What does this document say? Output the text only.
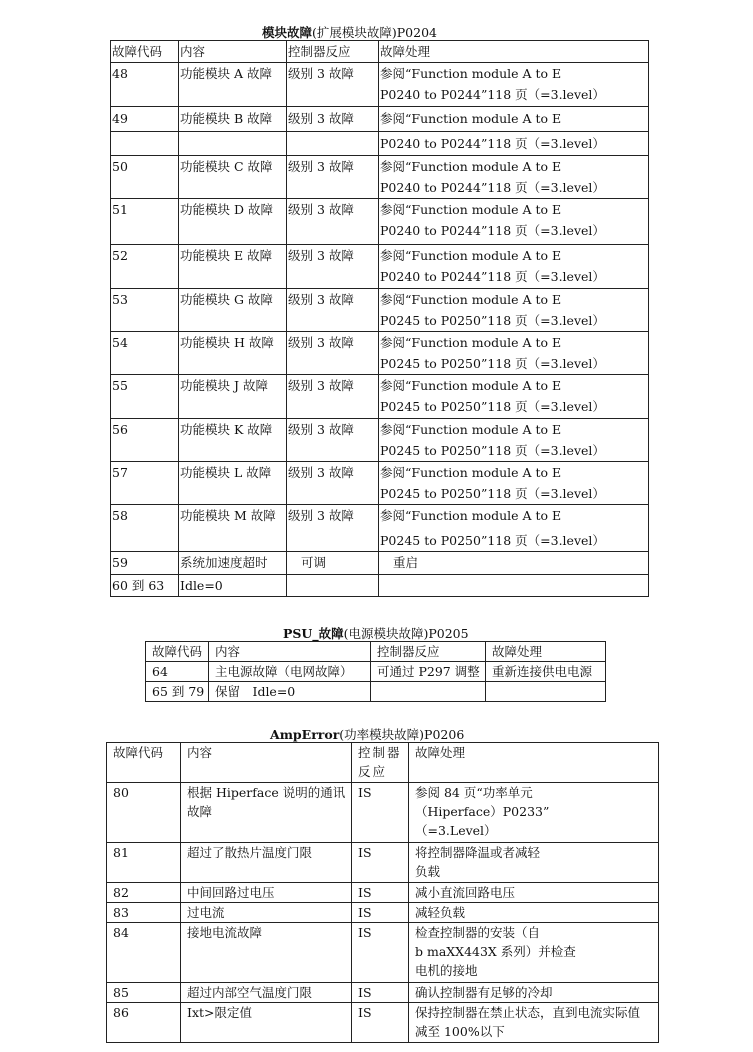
模块故障(扩展模块故障)P0204
故障代码	内容	控制器反应	故障处理
48	功能模块 A 故障	级别 3 故障	参阅“Function module A to E
P0240 to P0244”118 页（=3.level）

49	功能模块 B 故障	级别 3 故障	参阅“Function module A to E
			P0240 to P0244”118 页（=3.level）
50	功能模块 C 故障	级别 3 故障	参阅“Function module A to E
P0240 to P0244”118 页（=3.level）

51	功能模块 D 故障	级别 3 故障	参阅“Function module A to E
P0240 to P0244”118 页（=3.level）

52	功能模块 E 故障	级别 3 故障	参阅“Function module A to E
P0240 to P0244”118 页（=3.level）

53	功能模块 G 故障	级别 3 故障	参阅“Function module A to E
P0245 to P0250”118 页（=3.level）

54	功能模块 H 故障	级别 3 故障	参阅“Function module A to E
P0245 to P0250”118 页（=3.level）

55	功能模块 J 故障	级别 3 故障	参阅“Function module A to E
P0245 to P0250”118 页（=3.level）

56	功能模块 K 故障	级别 3 故障	参阅“Function module A to E
P0245 to P0250”118 页（=3.level）

57	功能模块 L 故障	级别 3 故障	参阅“Function module A to E
P0245 to P0250”118 页（=3.level）

58	功能模块 M 故障	级别 3 故障	参阅“Function module A to E
P0245 to P0250”118 页（=3.level）

59	系统加速度超时	可调	重启
60 到 63	Idle=0		
PSU_故障(电源模块故障)P0205
故障代码	内容	控制器反应	故障处理
64	主电源故障（电网故障）	可通过 P297 调整	重新连接供电电源
65 到 79	保留　Idle=0		
AmpError(功率模块故障)P0206
故障代码	内容	控制器反应	故障处理
80	根据 Hiperface 说明的通讯故障	IS	参阅 84 页“功率单元
（Hiperface）P0233”
（=3.Level）

81	超过了散热片温度门限	IS	将控制器降温或者减轻
负载

82	中间回路过电压	IS	减小直流回路电压
83	过电流	IS	减轻负载
84	接地电流故障	IS	检查控制器的安装（自
b maXX443X 系列）并检查
电机的接地

85	超过内部空气温度门限	IS	确认控制器有足够的冷却
86	Ixt>限定值	IS	保持控制器在禁止状态，直到电流实际值
减至 100%以下
